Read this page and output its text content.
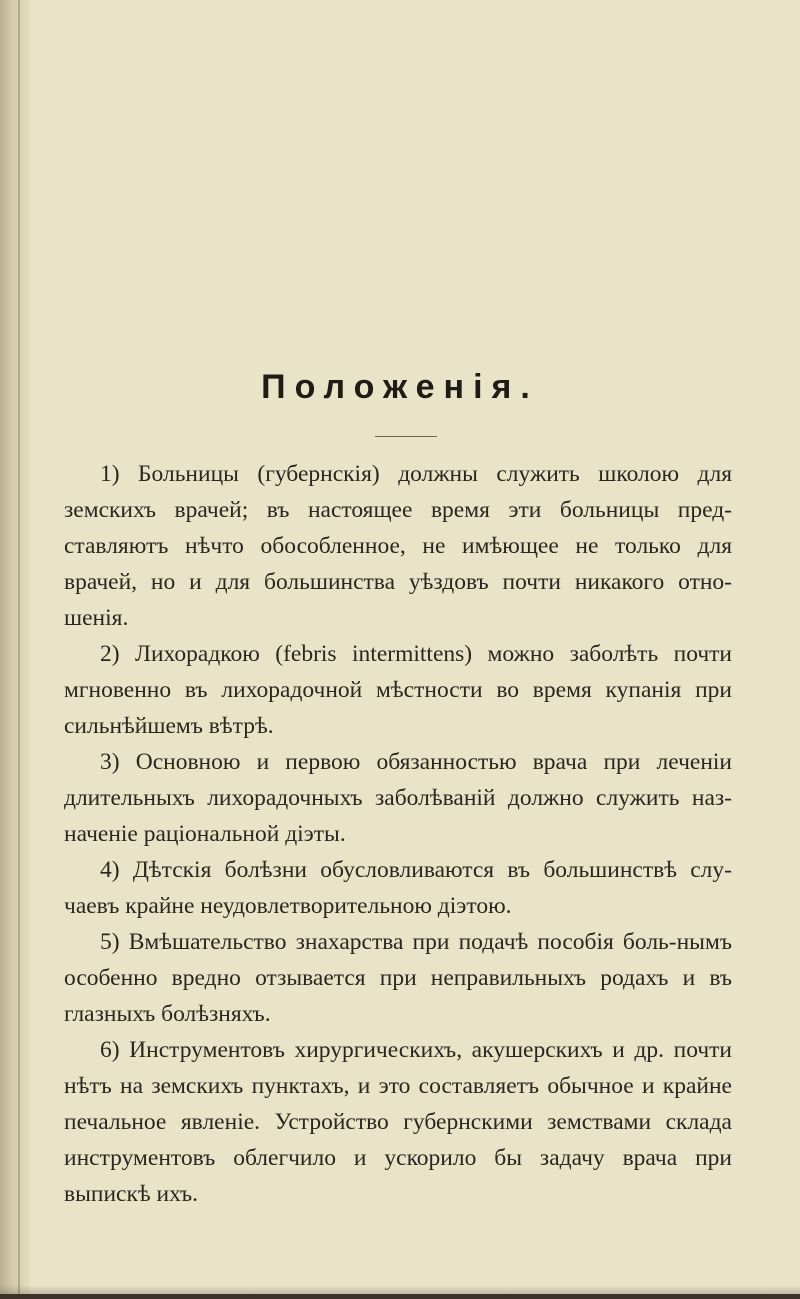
Положенія.

1) Больницы (губернскія) должны служить школою для земскихъ врачей; въ настоящее время эти больницы пред-ставляютъ нѣчто обособленное, не имѣющее не только для врачей, но и для большинства уѣздовъ почти никакого отно-шенія.

2) Лихорадкою (febris intermittens) можно заболѣть почти мгновенно въ лихорадочной мѣстности во время купанія при сильнѣйшемъ вѣтрѣ.

3) Основною и первою обязанностью врача при леченіи длительныхъ лихорадочныхъ заболѣваній должно служить наз-наченіе раціональной діэты.

4) Дѣтскія болѣзни обусловливаются въ большинствѣ слу-чаевъ крайне неудовлетворительною діэтою.

5) Вмѣшательство знахарства при подачѣ пособія боль-нымъ особенно вредно отзывается при неправильныхъ родахъ и въ глазныхъ болѣзняхъ.

6) Инструментовъ хирургическихъ, акушерскихъ и др. почти нѣтъ на земскихъ пунктахъ, и это составляетъ обычное и крайне печальное явленіе. Устройство губернскими земствами склада инструментовъ облегчило и ускорило бы задачу врача при выпискѣ ихъ.
